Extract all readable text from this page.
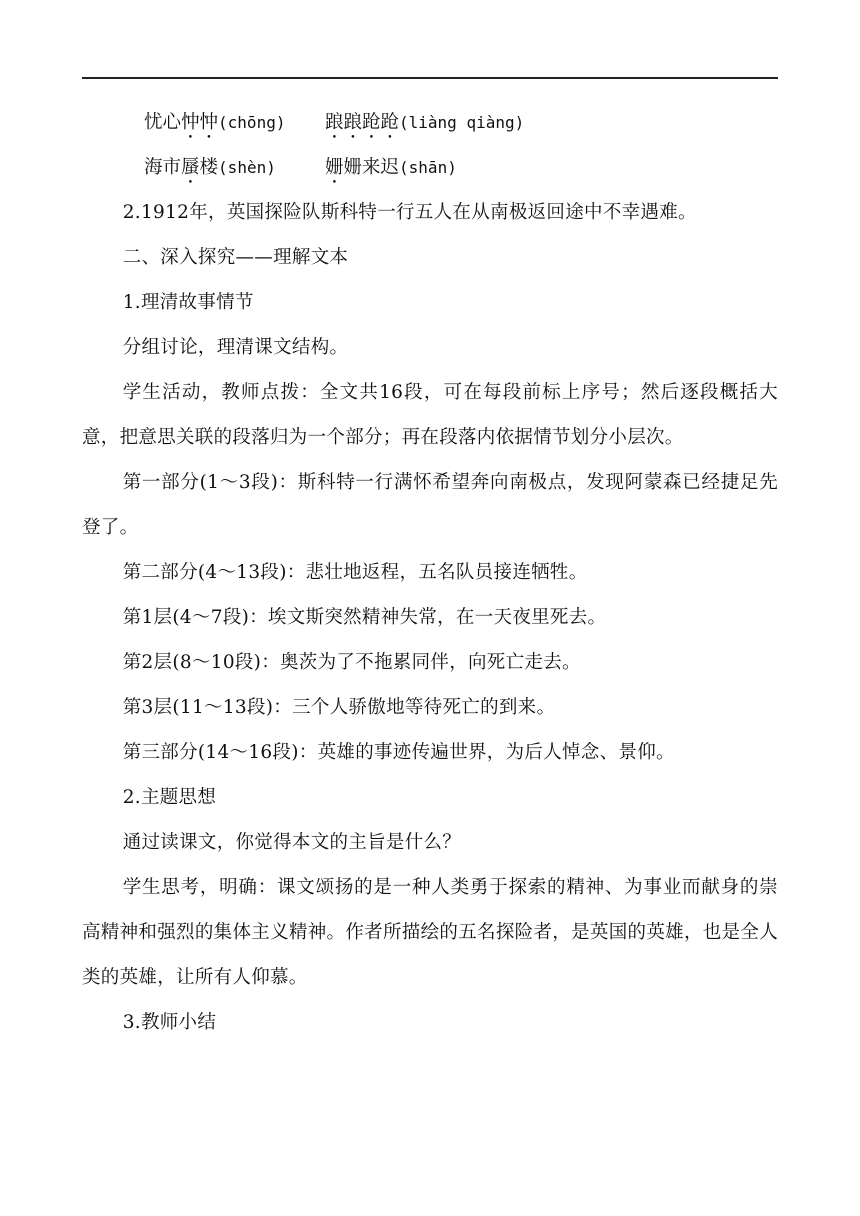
忧心忡忡(chōng)	踉踉跄跄(liàng qiàng)
海市蜃楼(shèn)	姗姗来迟(shān)

2.1912年，英国探险队斯科特一行五人在从南极返回途中不幸遇难。

二、深入探究——理解文本

1.理清故事情节

分组讨论，理清课文结构。

学生活动，教师点拨：全文共16段，可在每段前标上序号；然后逐段概括大意，把意思关联的段落归为一个部分；再在段落内依据情节划分小层次。

第一部分(1～3段)：斯科特一行满怀希望奔向南极点，发现阿蒙森已经捷足先登了。

第二部分(4～13段)：悲壮地返程，五名队员接连牺牲。

第1层(4～7段)：埃文斯突然精神失常，在一天夜里死去。

第2层(8～10段)：奥茨为了不拖累同伴，向死亡走去。

第3层(11～13段)：三个人骄傲地等待死亡的到来。

第三部分(14～16段)：英雄的事迹传遍世界，为后人悼念、景仰。

2.主题思想

通过读课文，你觉得本文的主旨是什么？

学生思考，明确：课文颂扬的是一种人类勇于探索的精神、为事业而献身的崇高精神和强烈的集体主义精神。作者所描绘的五名探险者，是英国的英雄，也是全人类的英雄，让所有人仰慕。

3.教师小结
